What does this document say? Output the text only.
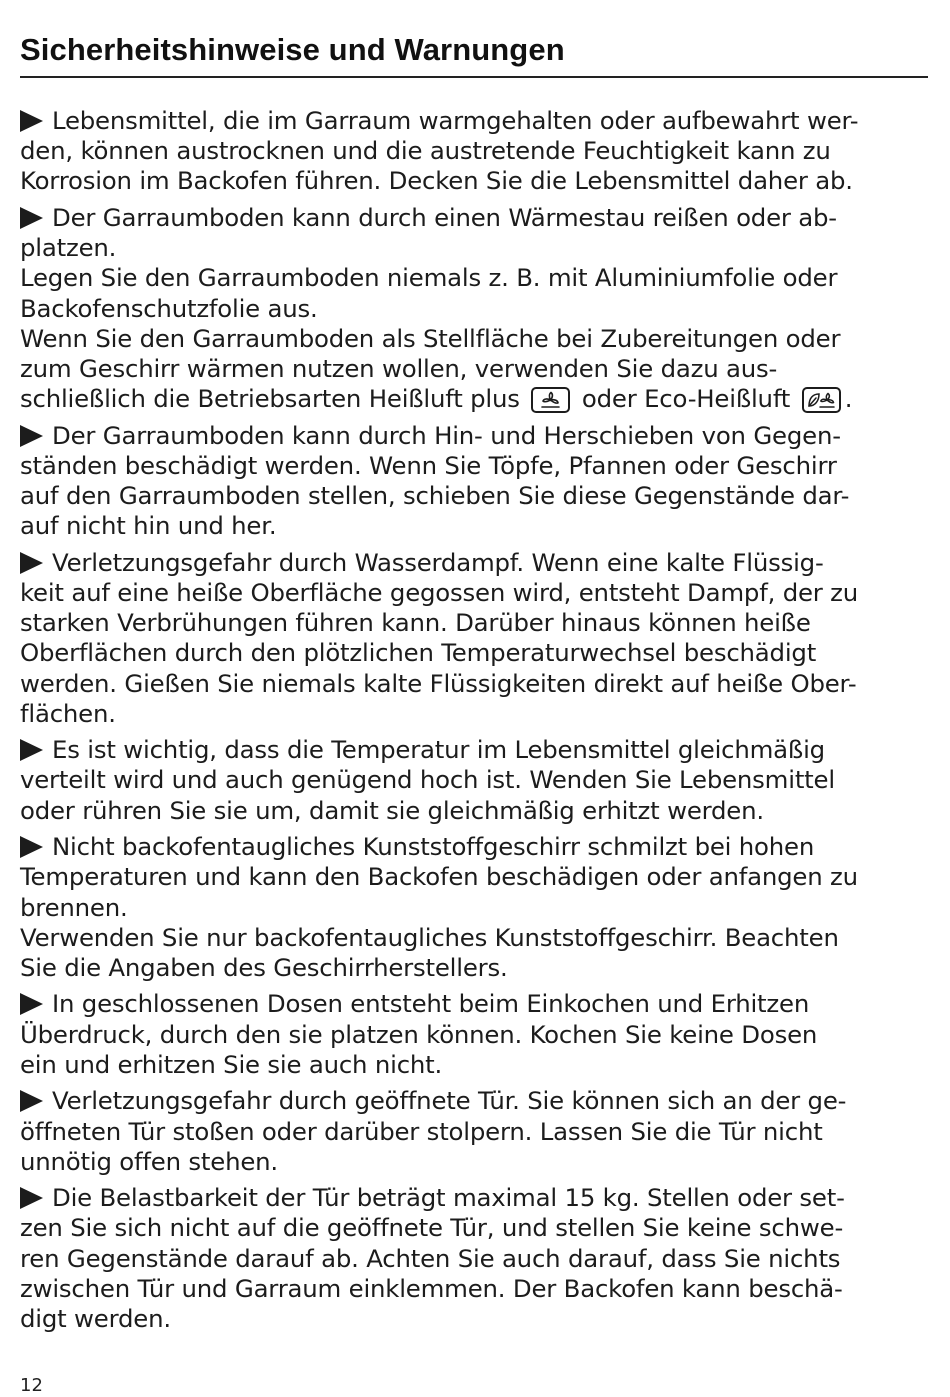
Sicherheitshinweise und Warnungen
Lebensmittel, die im Garraum warmgehalten oder aufbewahrt wer-
den, können austrocknen und die austretende Feuchtigkeit kann zu
Korrosion im Backofen führen. Decken Sie die Lebensmittel daher ab.
Der Garraumboden kann durch einen Wärmestau reißen oder ab-
platzen.
Legen Sie den Garraumboden niemals z. B. mit Aluminiumfolie oder
Backofenschutzfolie aus.
Wenn Sie den Garraumboden als Stellfläche bei Zubereitungen oder
zum Geschirr wärmen nutzen wollen, verwenden Sie dazu aus-
schließlich die Betriebsarten Heißluft plus	oder Eco-Heißluft .
Der Garraumboden kann durch Hin- und Herschieben von Gegen-
ständen beschädigt werden. Wenn Sie Töpfe, Pfannen oder Geschirr
auf den Garraumboden stellen, schieben Sie diese Gegenstände dar-
auf nicht hin und her.
Verletzungsgefahr durch Wasserdampf. Wenn eine kalte Flüssig-
keit auf eine heiße Oberfläche gegossen wird, entsteht Dampf, der zu
starken Verbrühungen führen kann. Darüber hinaus können heiße
Oberflächen durch den plötzlichen Temperaturwechsel beschädigt
werden. Gießen Sie niemals kalte Flüssigkeiten direkt auf heiße Ober-
flächen.
Es ist wichtig, dass die Temperatur im Lebensmittel gleichmäßig
verteilt wird und auch genügend hoch ist. Wenden Sie Lebensmittel
oder rühren Sie sie um, damit sie gleichmäßig erhitzt werden.
Nicht backofentaugliches Kunststoffgeschirr schmilzt bei hohen
Temperaturen und kann den Backofen beschädigen oder anfangen zu
brennen.
Verwenden Sie nur backofentaugliches Kunststoffgeschirr. Beachten
Sie die Angaben des Geschirrherstellers.
In geschlossenen Dosen entsteht beim Einkochen und Erhitzen
Überdruck, durch den sie platzen können. Kochen Sie keine Dosen
ein und erhitzen Sie sie auch nicht.
Verletzungsgefahr durch geöffnete Tür. Sie können sich an der ge-
öffneten Tür stoßen oder darüber stolpern. Lassen Sie die Tür nicht
unnötig offen stehen.
Die Belastbarkeit der Tür beträgt maximal 15 kg. Stellen oder set-
zen Sie sich nicht auf die geöffnete Tür, und stellen Sie keine schwe-
ren Gegenstände darauf ab. Achten Sie auch darauf, dass Sie nichts
zwischen Tür und Garraum einklemmen. Der Backofen kann beschä-
digt werden.
12
